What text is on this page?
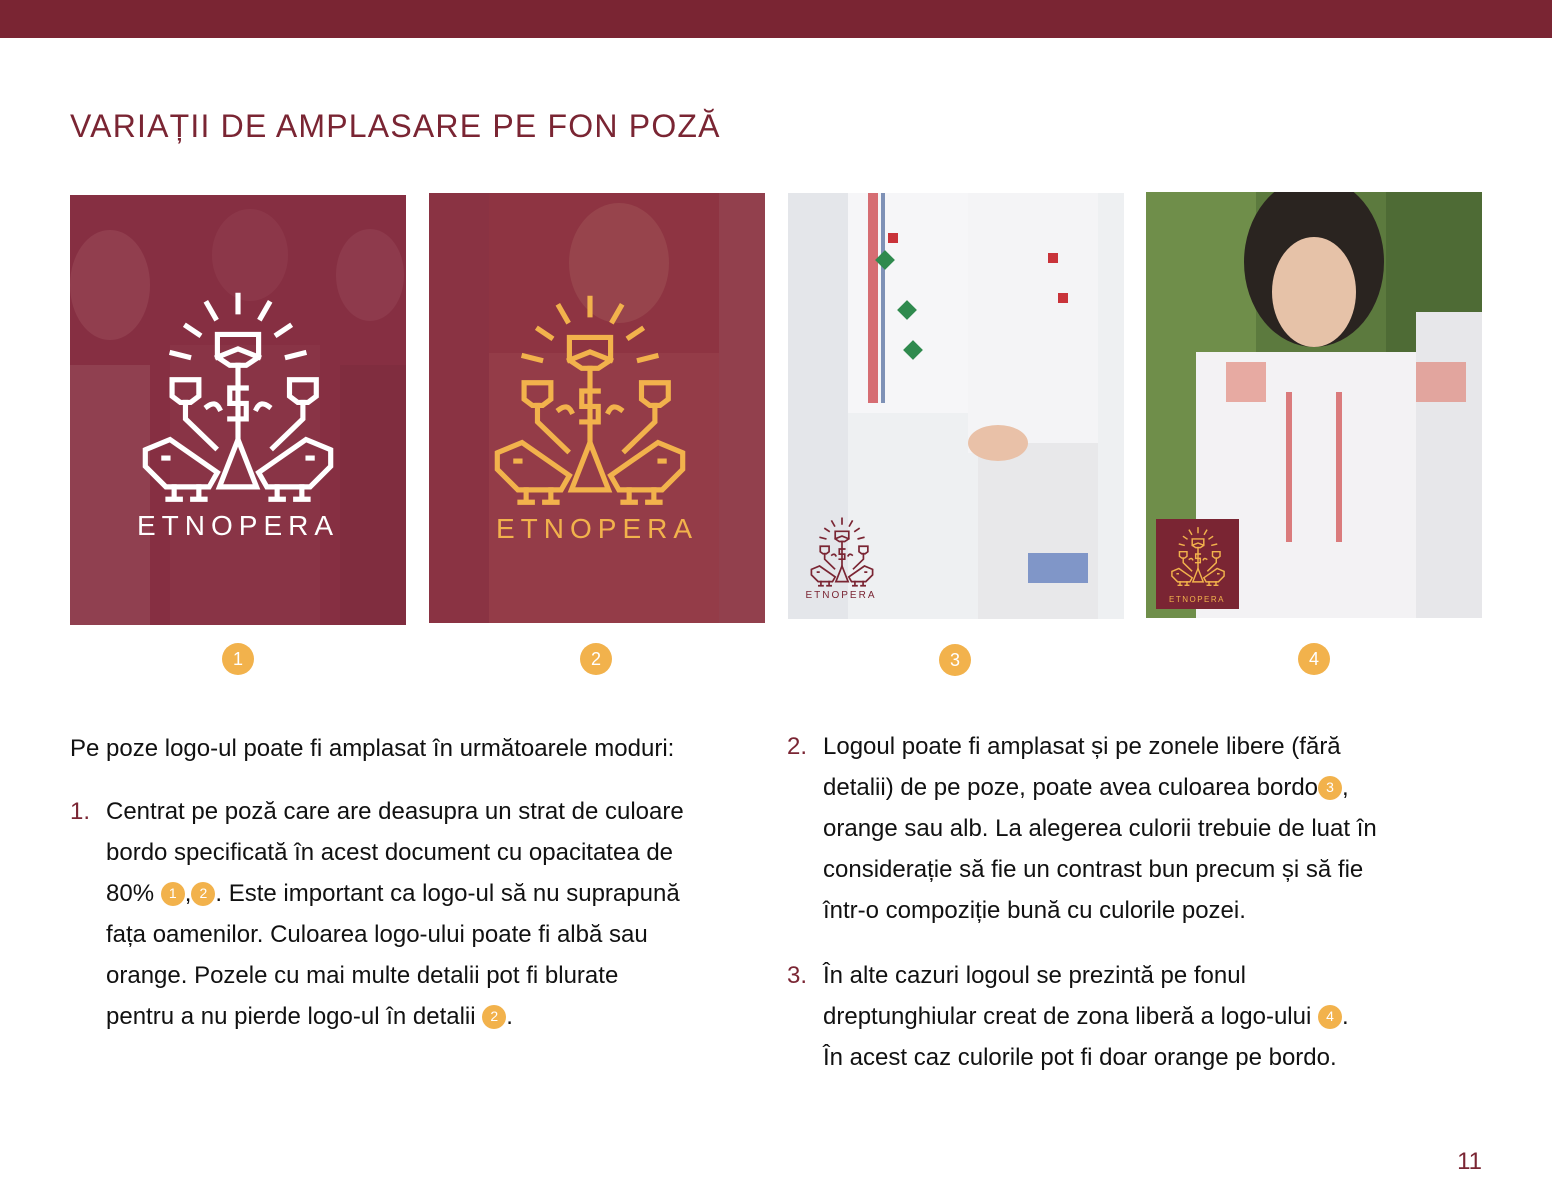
VARIAȚII DE AMPLASARE PE FON POZĂ
ETNOPERA	ETNOPERA
ETNOPERA	ETNOPERA
1	2	3	4
Pe poze logo-ul poate fi amplasat în următoarele moduri:
1. Centrat pe poză care are deasupra un strat de culoare
bordo specificată în acest document cu opacitatea de
80% 1 , 2 . Este important ca logo-ul să nu suprapună
fața oamenilor. Culoarea logo-ului poate fi albă sau
orange. Pozele cu mai multe detalii pot fi blurate
pentru a nu pierde logo-ul în detalii 2 .
2. Logoul poate fi amplasat și pe zonele libere (fără
detalii) de pe poze, poate avea culoarea bordo 3 ,
orange sau alb. La alegerea culorii trebuie de luat în
considerație să fie un contrast bun precum și să fie
într-o compoziție bună cu culorile pozei.
3. În alte cazuri logoul se prezintă pe fonul
dreptunghiular creat de zona liberă a logo-ului 4 .
În acest caz culorile pot fi doar orange pe bordo.
11
